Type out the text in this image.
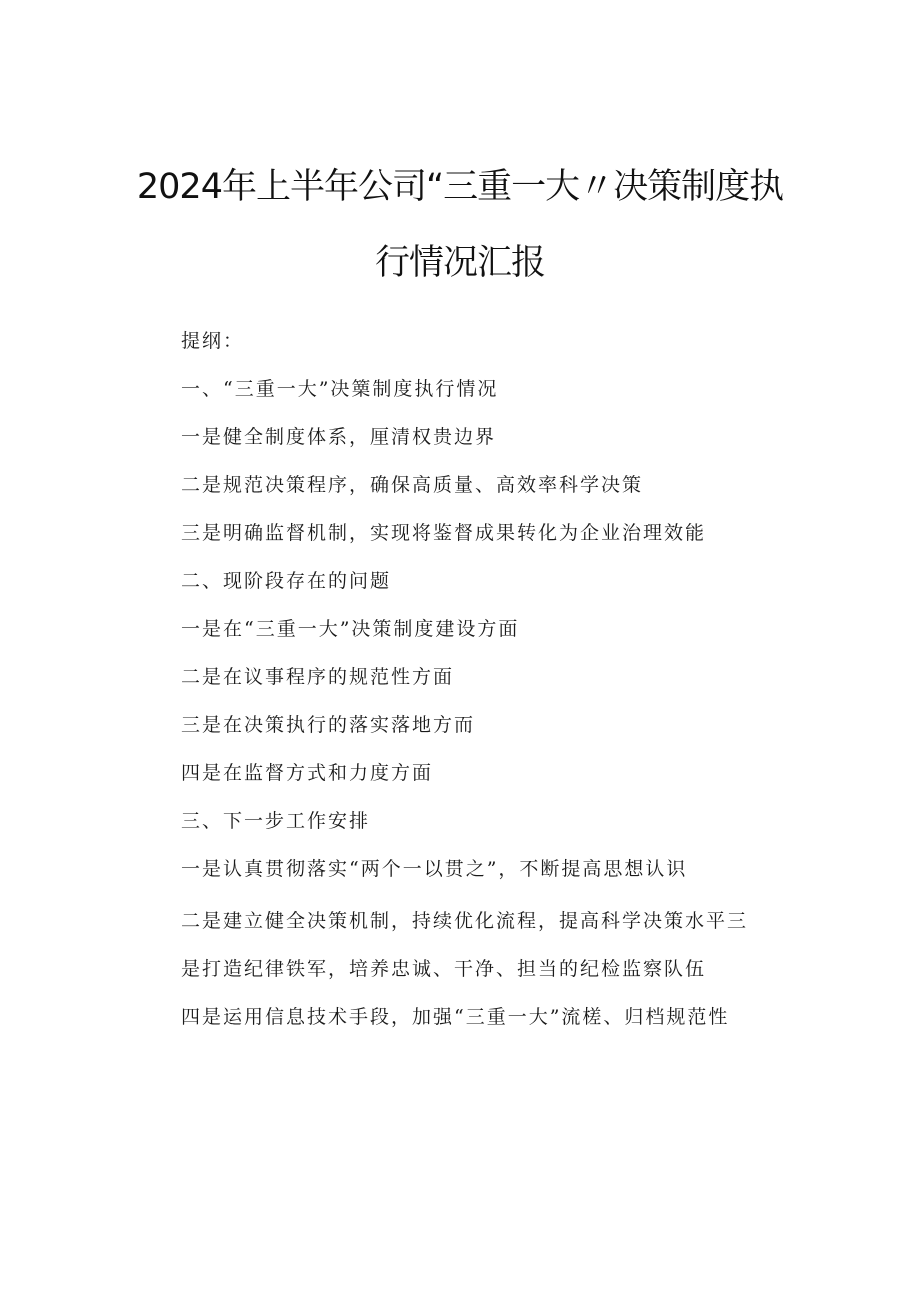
2024年上半年公司“三重一大〃决策制度执
行情况汇报
提纲：
一、“三重一大”决篥制度执行情况
一是健全制度体系，厘清权贵边界
二是规范决策程序，确保高质量、高效率科学决策
三是明确监督机制，实现将鉴督成果转化为企业治理效能
二、现阶段存在的问题
一是在“三重一大”决策制度建设方面
二是在议事程序的规范性方面
三是在决策执行的落实落地方而
四是在监督方式和力度方面
三、下一步工作安排
一是认真贯彻落实“两个一以贯之”，不断提高思想认识
二是建立健全决策机制，持续优化流程，提高科学决策水平三
是打造纪律铁军，培养忠诚、干净、担当的纪检监察队伍
四是运用信息技术手段，加强“三重一大”流槎、归档规范性
